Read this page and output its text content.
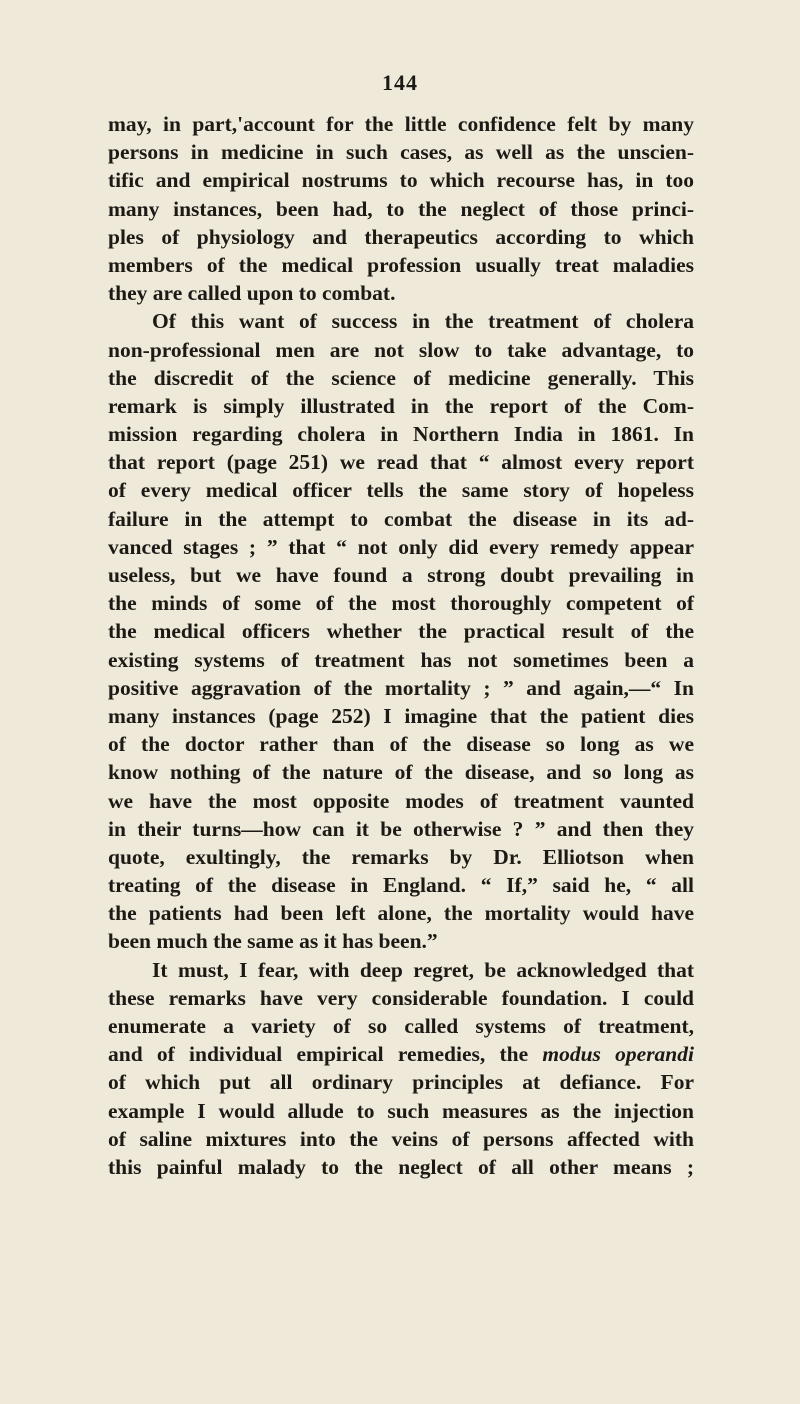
144
may, in part,'account for the little confidence felt by many
persons in medicine in such cases, as well as the unscien-
tific and empirical nostrums to which recourse has, in too
many instances, been had, to the neglect of those princi-
ples of physiology and therapeutics according to which
members of the medical profession usually treat maladies
they are called upon to combat.
Of this want of success in the treatment of cholera
non-professional men are not slow to take advantage, to
the discredit of the science of medicine generally. This
remark is simply illustrated in the report of the Com-
mission regarding cholera in Northern India in 1861. In
that report (page 251) we read that “ almost every report
of every medical officer tells the same story of hopeless
failure in the attempt to combat the disease in its ad-
vanced stages ; ” that “ not only did every remedy appear
useless, but we have found a strong doubt prevailing in
the minds of some of the most thoroughly competent of
the medical officers whether the practical result of the
existing systems of treatment has not sometimes been a
positive aggravation of the mortality ; ” and again,—“ In
many instances (page 252) I imagine that the patient dies
of the doctor rather than of the disease so long as we
know nothing of the nature of the disease, and so long as
we have the most opposite modes of treatment vaunted
in their turns—how can it be otherwise ? ” and then they
quote, exultingly, the remarks by Dr. Elliotson when
treating of the disease in England. “ If,” said he, “ all
the patients had been left alone, the mortality would have
been much the same as it has been.”
It must, I fear, with deep regret, be acknowledged that
these remarks have very considerable foundation. I could
enumerate a variety of so called systems of treatment,
and of individual empirical remedies, the modus operandi
of which put all ordinary principles at defiance. For
example I would allude to such measures as the injection
of saline mixtures into the veins of persons affected with
this painful malady to the neglect of all other means ;
